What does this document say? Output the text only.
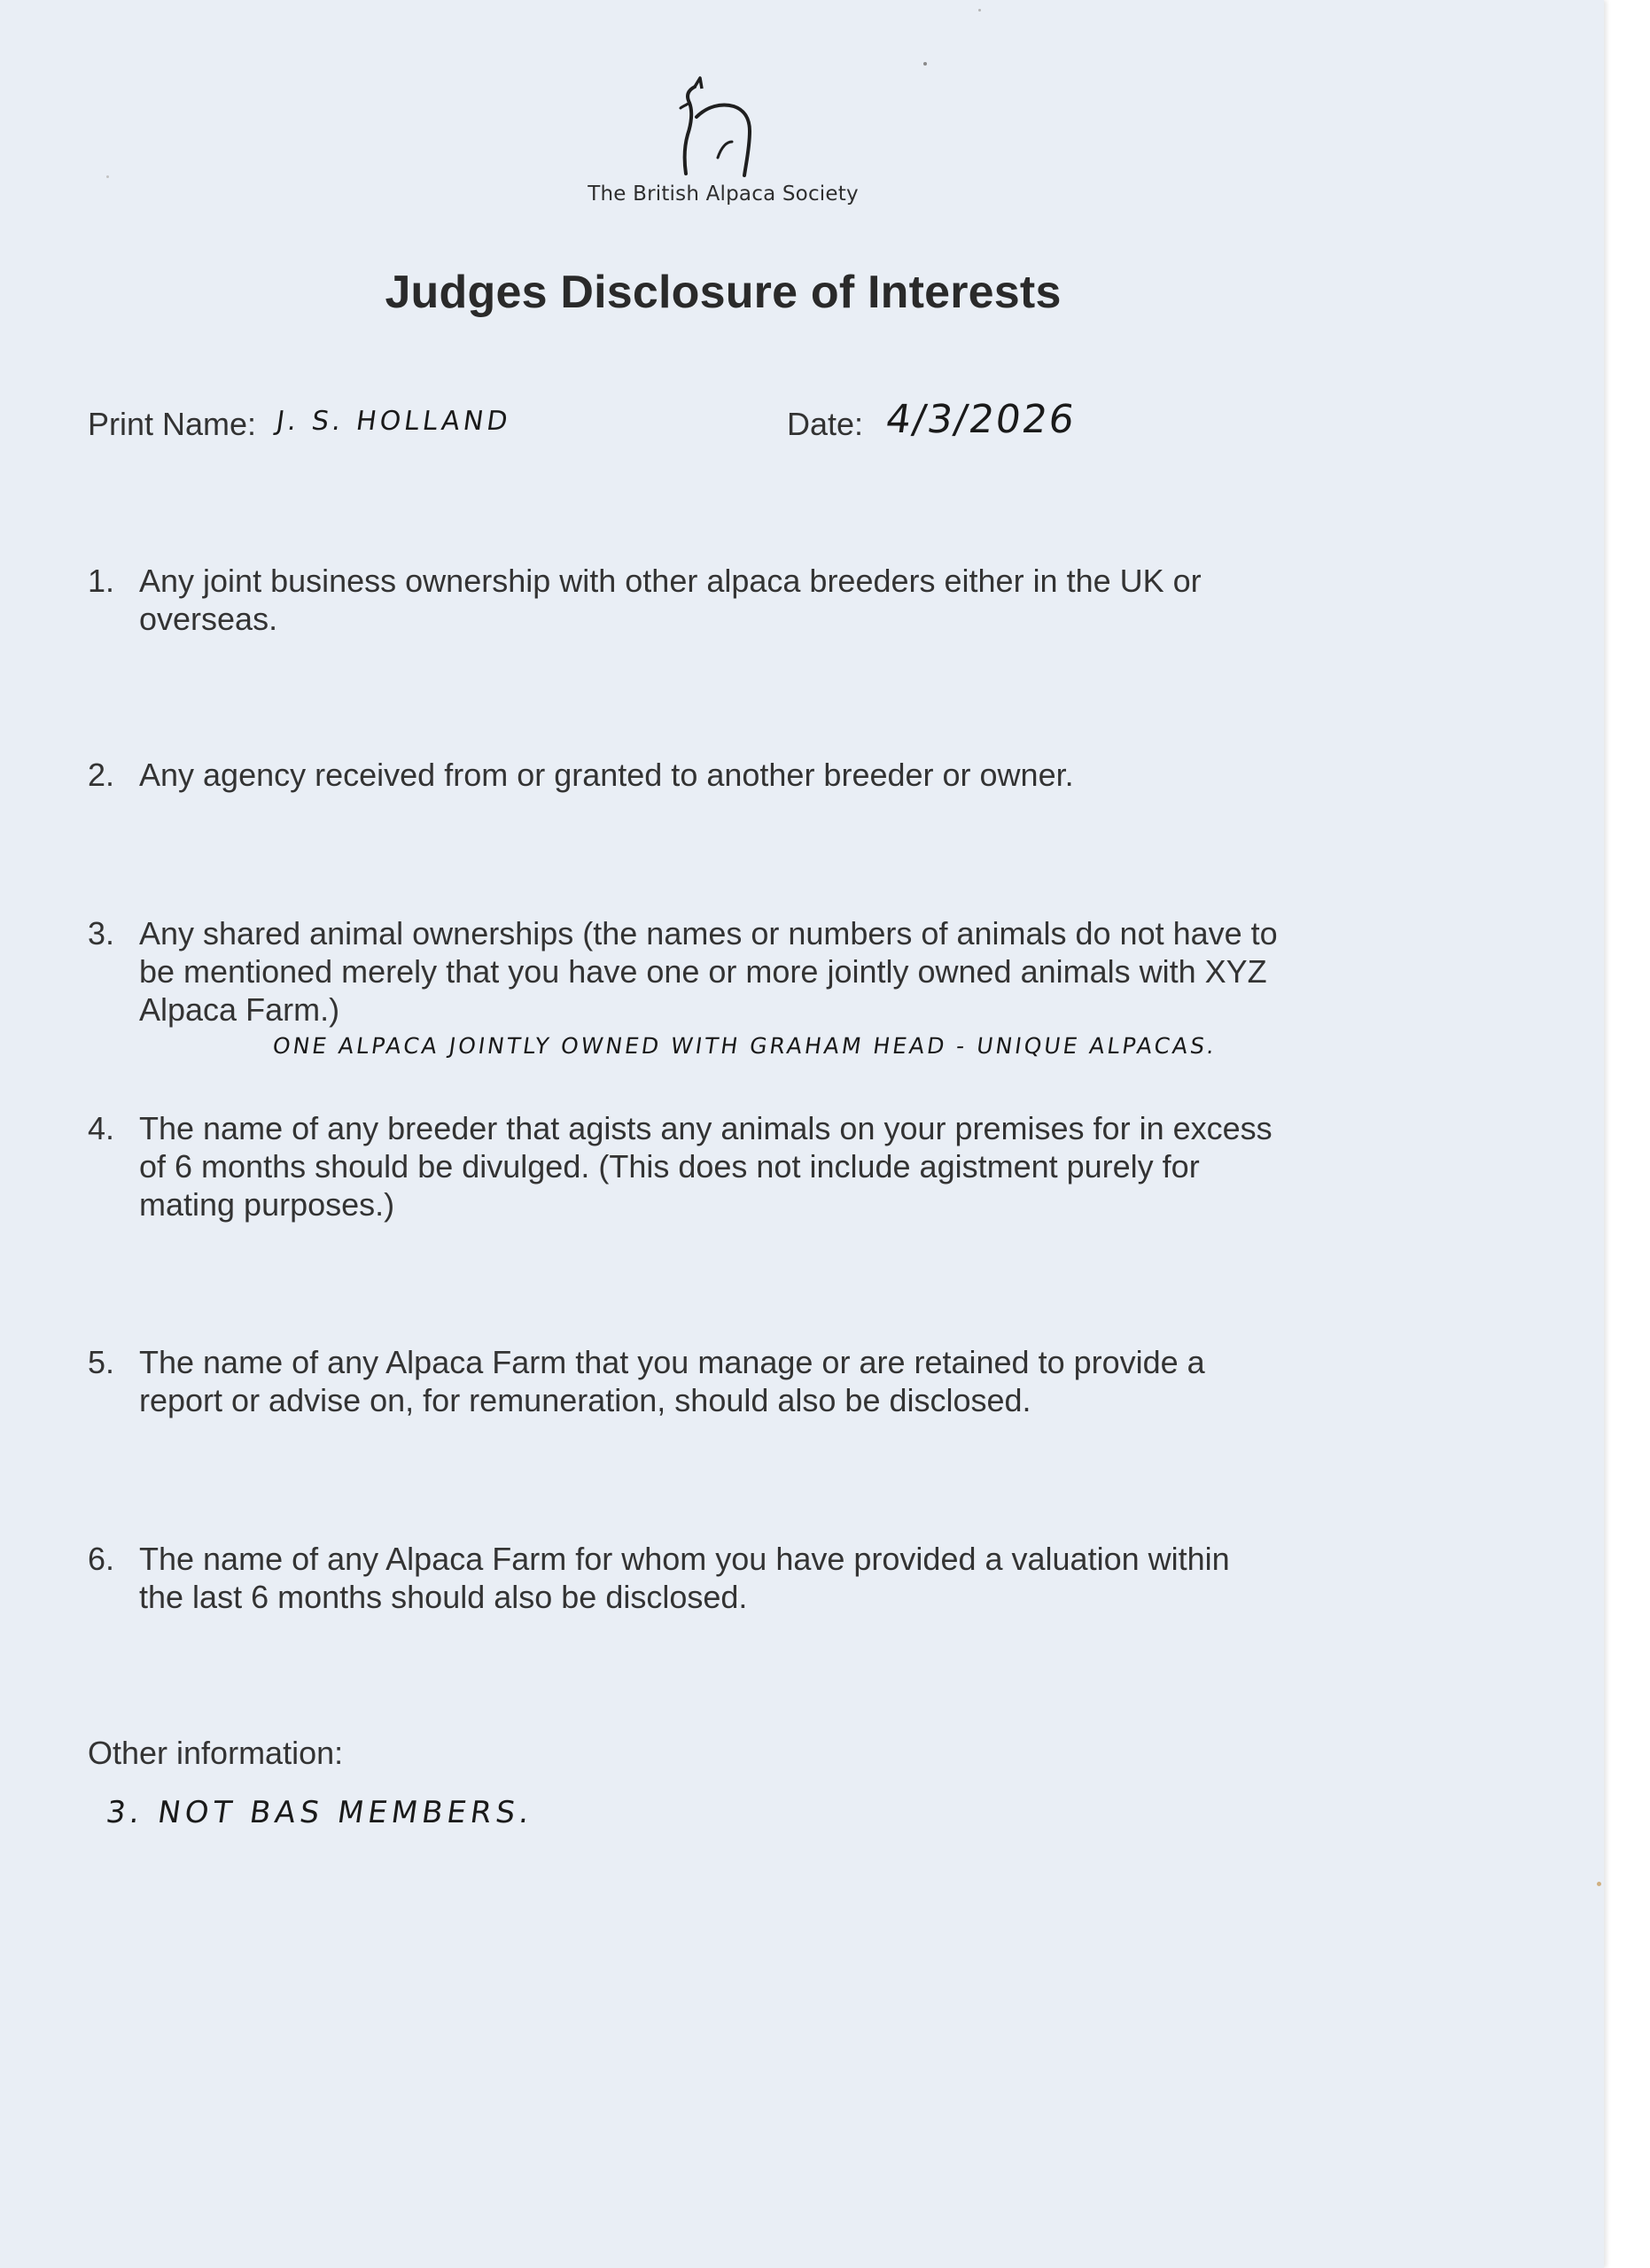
The British Alpaca Society
Judges Disclosure of Interests
Print Name: J. S. HOLLAND	Date: 4/3/2026
1. Any joint business ownership with other alpaca breeders either in the UK or
overseas.
2. Any agency received from or granted to another breeder or owner.
3. Any shared animal ownerships (the names or numbers of animals do not have to
be mentioned merely that you have one or more jointly owned animals with XYZ
Alpaca Farm.)
ONE ALPACA JOINTLY OWNED WITH GRAHAM HEAD - UNIQUE ALPACAS.
4. The name of any breeder that agists any animals on your premises for in excess
of 6 months should be divulged. (This does not include agistment purely for
mating purposes.)
5. The name of any Alpaca Farm that you manage or are retained to provide a
report or advise on, for remuneration, should also be disclosed.
6. The name of any Alpaca Farm for whom you have provided a valuation within
the last 6 months should also be disclosed.
Other information:
3. NOT BAS MEMBERS.
